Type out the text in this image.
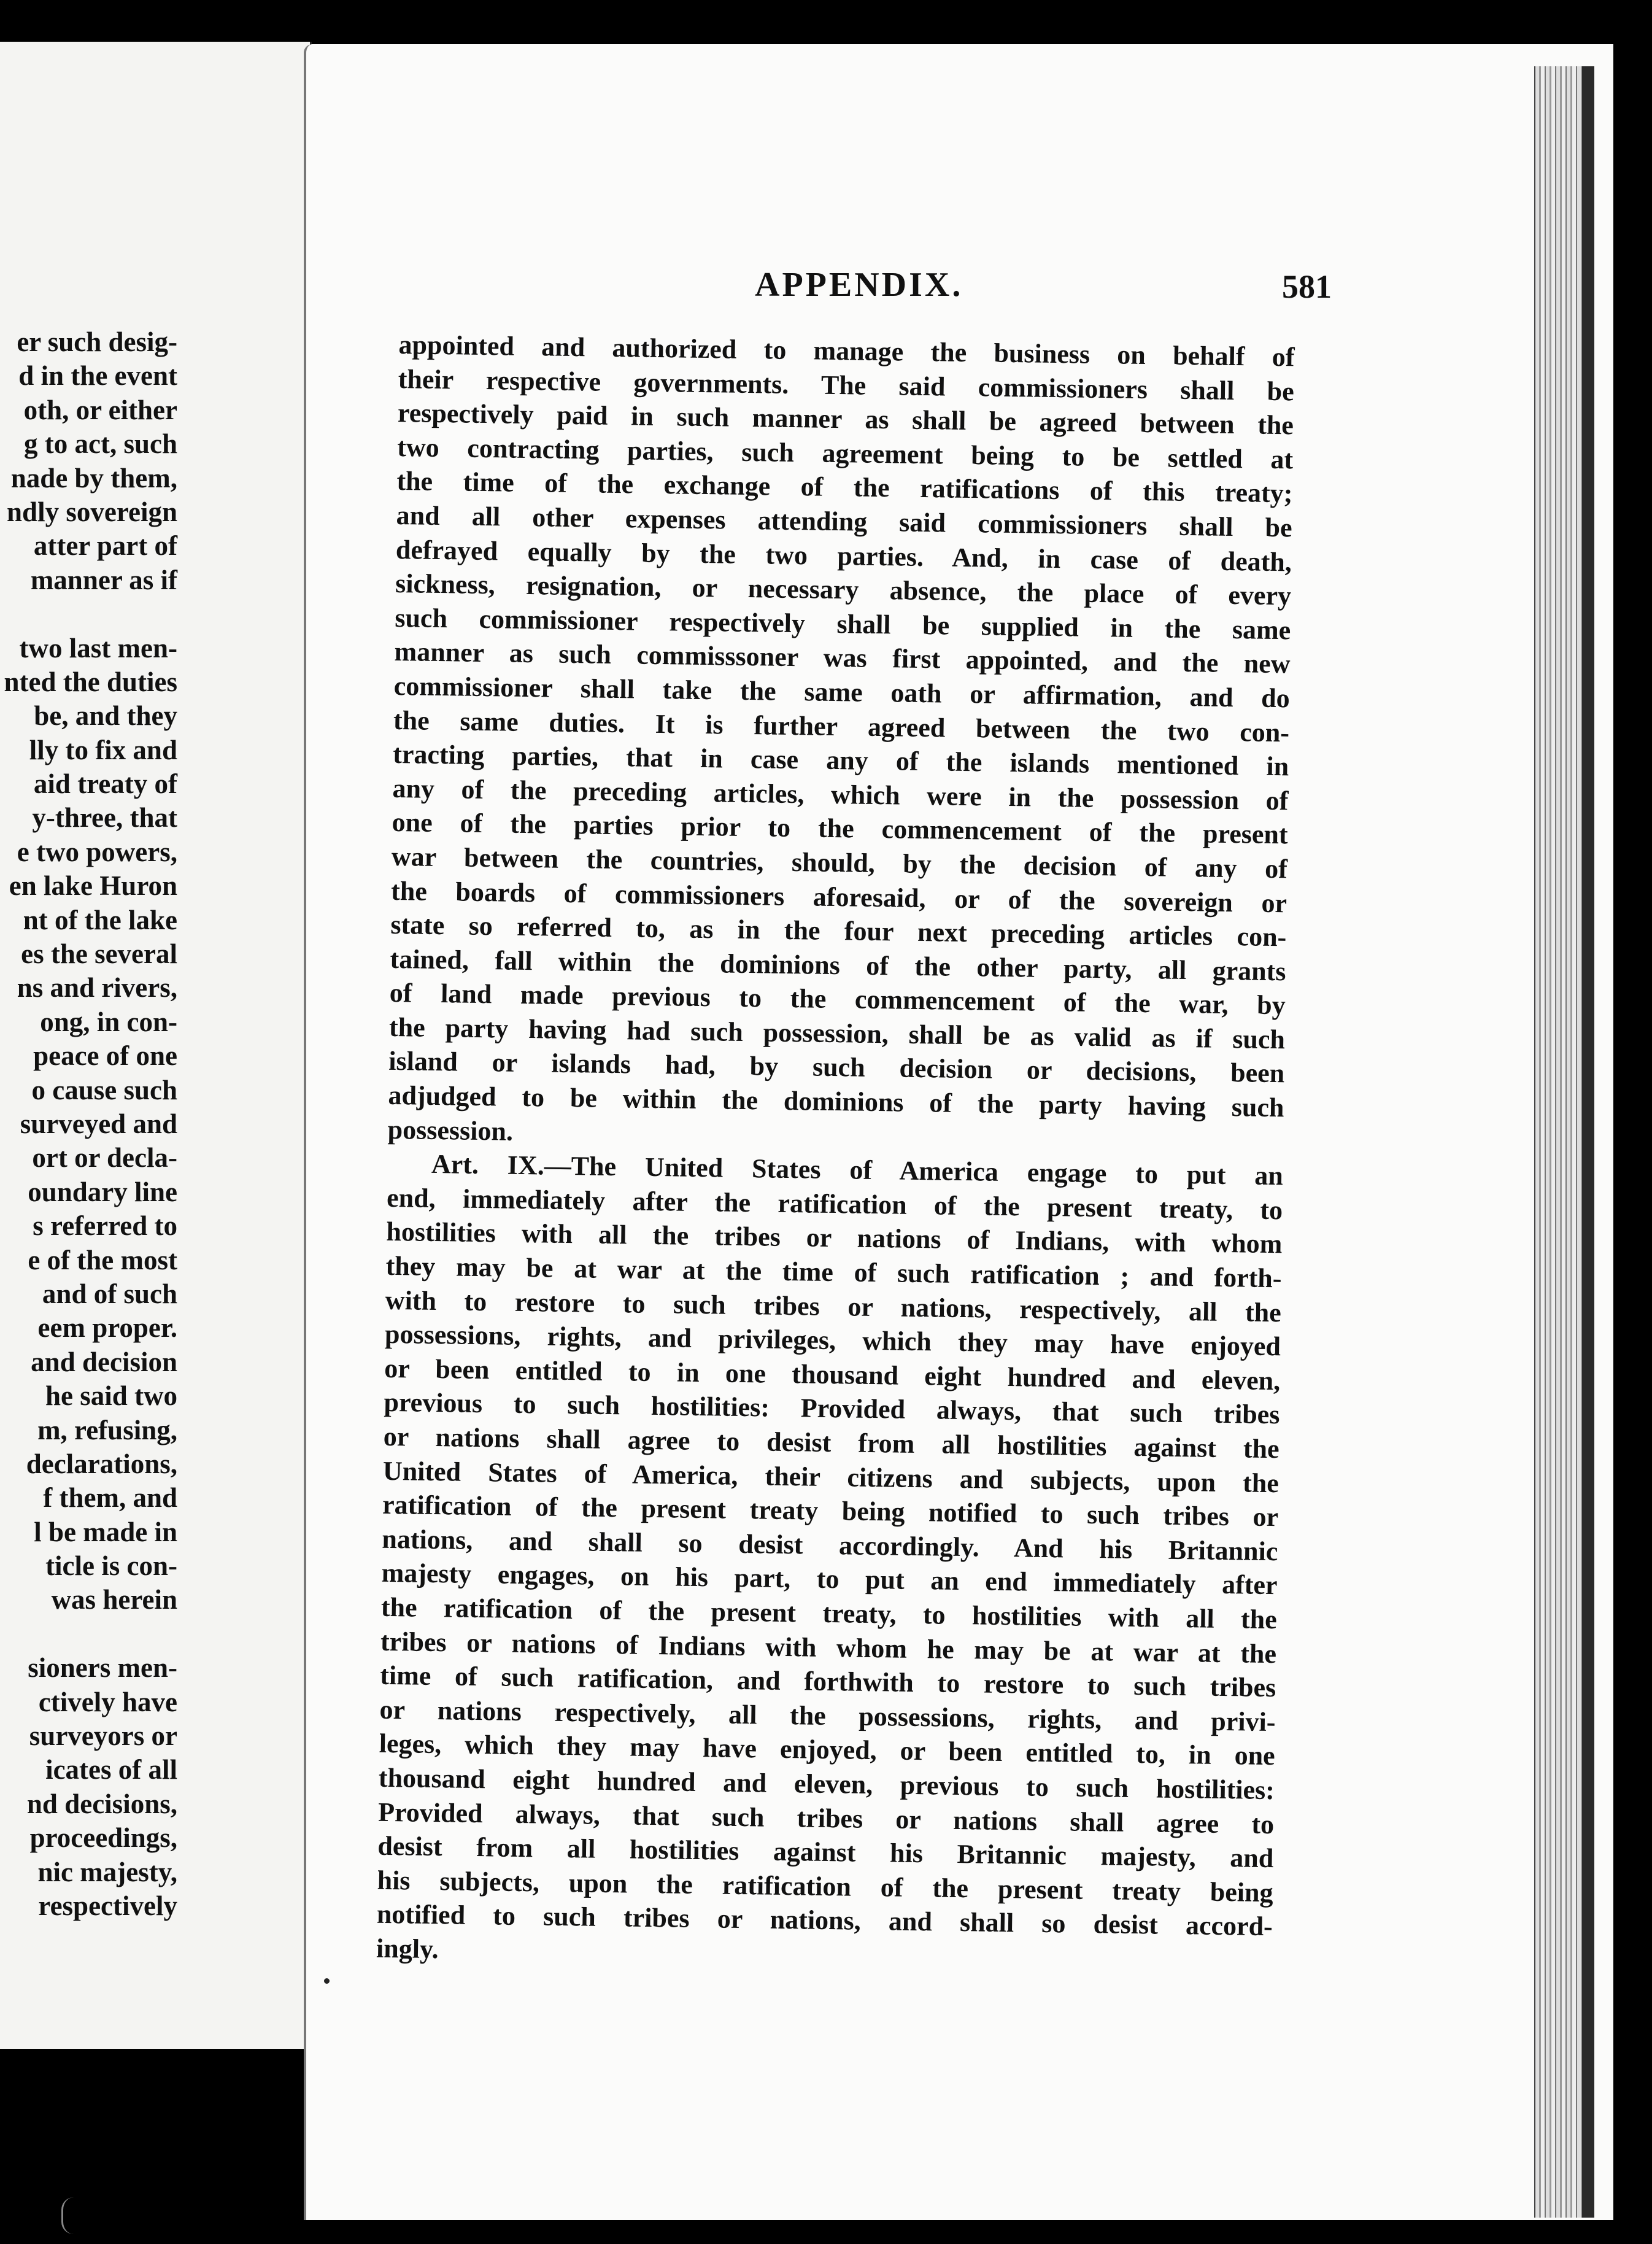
er such desig-
d in the event
oth, or either
g to act, such
nade by them,
ndly sovereign
atter part of
manner as if
two last men-
nted the duties
be, and they
lly to fix and
aid treaty of
y-three, that
e two powers,
en lake Huron
nt of the lake
es the several
ns and rivers,
ong, in con-
peace of one
o cause such
surveyed and
ort or decla-
oundary line
s referred to
e of the most
and of such
eem proper.
and decision
he said two
m, refusing,
declarations,
f them, and
l be made in
ticle is con-
was herein
sioners men-
ctively have
surveyors or
icates of all
nd decisions,
proceedings,
nic majesty,
respectively
APPENDIX.	581
appointed and authorized to manage the business on behalf of
their respective governments. The said commissioners shall be
respectively paid in such manner as shall be agreed between the
two contracting parties, such agreement being to be settled at
the time of the exchange of the ratifications of this treaty;
and all other expenses attending said commissioners shall be
defrayed equally by the two parties. And, in case of death,
sickness, resignation, or necessary absence, the place of every
such commissioner respectively shall be supplied in the same
manner as such commisssoner was first appointed, and the new
commissioner shall take the same oath or affirmation, and do
the same duties. It is further agreed between the two con-
tracting parties, that in case any of the islands mentioned in
any of the preceding articles, which were in the possession of
one of the parties prior to the commencement of the present
war between the countries, should, by the decision of any of
the boards of commissioners aforesaid, or of the sovereign or
state so referred to, as in the four next preceding articles con-
tained, fall within the dominions of the other party, all grants
of land made previous to the commencement of the war, by
the party having had such possession, shall be as valid as if such
island or islands had, by such decision or decisions, been
adjudged to be within the dominions of the party having such
possession.
Art. IX.—The United States of America engage to put an
end, immediately after the ratification of the present treaty, to
hostilities with all the tribes or nations of Indians, with whom
they may be at war at the time of such ratification ; and forth-
with to restore to such tribes or nations, respectively, all the
possessions, rights, and privileges, which they may have enjoyed
or been entitled to in one thousand eight hundred and eleven,
previous to such hostilities: Provided always, that such tribes
or nations shall agree to desist from all hostilities against the
United States of America, their citizens and subjects, upon the
ratification of the present treaty being notified to such tribes or
nations, and shall so desist accordingly. And his Britannic
majesty engages, on his part, to put an end immediately after
the ratification of the present treaty, to hostilities with all the
tribes or nations of Indians with whom he may be at war at the
time of such ratification, and forthwith to restore to such tribes
or nations respectively, all the possessions, rights, and privi-
leges, which they may have enjoyed, or been entitled to, in one
thousand eight hundred and eleven, previous to such hostilities:
Provided always, that such tribes or nations shall agree to
desist from all hostilities against his Britannic majesty, and
his subjects, upon the ratification of the present treaty being
notified to such tribes or nations, and shall so desist accord-
ingly.
